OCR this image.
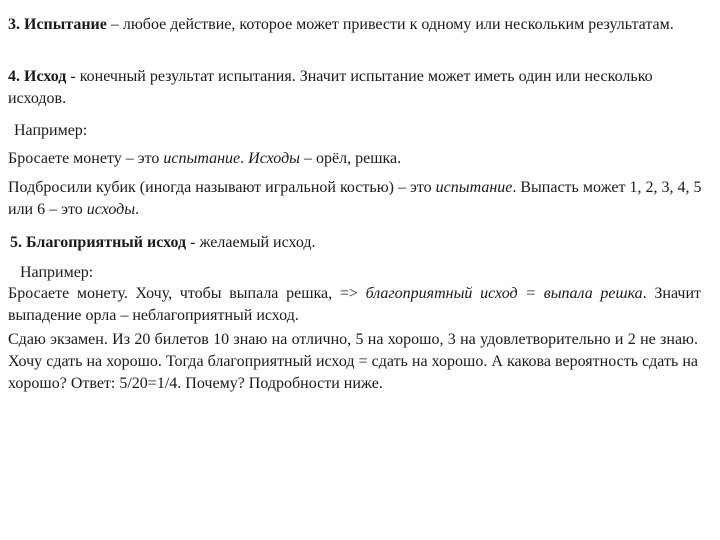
3. Испытание – любое действие, которое может привести к одному или нескольким результатам.

4. Исход - конечный результат испытания. Значит испытание может иметь один или несколько исходов.

Например:

Бросаете монету – это испытание. Исходы – орёл, решка.

Подбросили кубик (иногда называют игральной костью) – это испытание. Выпасть может 1, 2, 3, 4, 5 или 6 – это исходы.

5. Благоприятный исход - желаемый исход.

Например:

Бросаете монету. Хочу, чтобы выпала решка, => благоприятный исход = выпала решка. Значит выпадение орла – неблагоприятный исход.

Сдаю экзамен. Из 20 билетов 10 знаю на отлично, 5 на хорошо, 3 на удовлетворительно и 2 не знаю. Хочу сдать на хорошо. Тогда благоприятный исход = сдать на хорошо. А какова вероятность сдать на хорошо? Ответ: 5/20=1/4. Почему? Подробности ниже.
